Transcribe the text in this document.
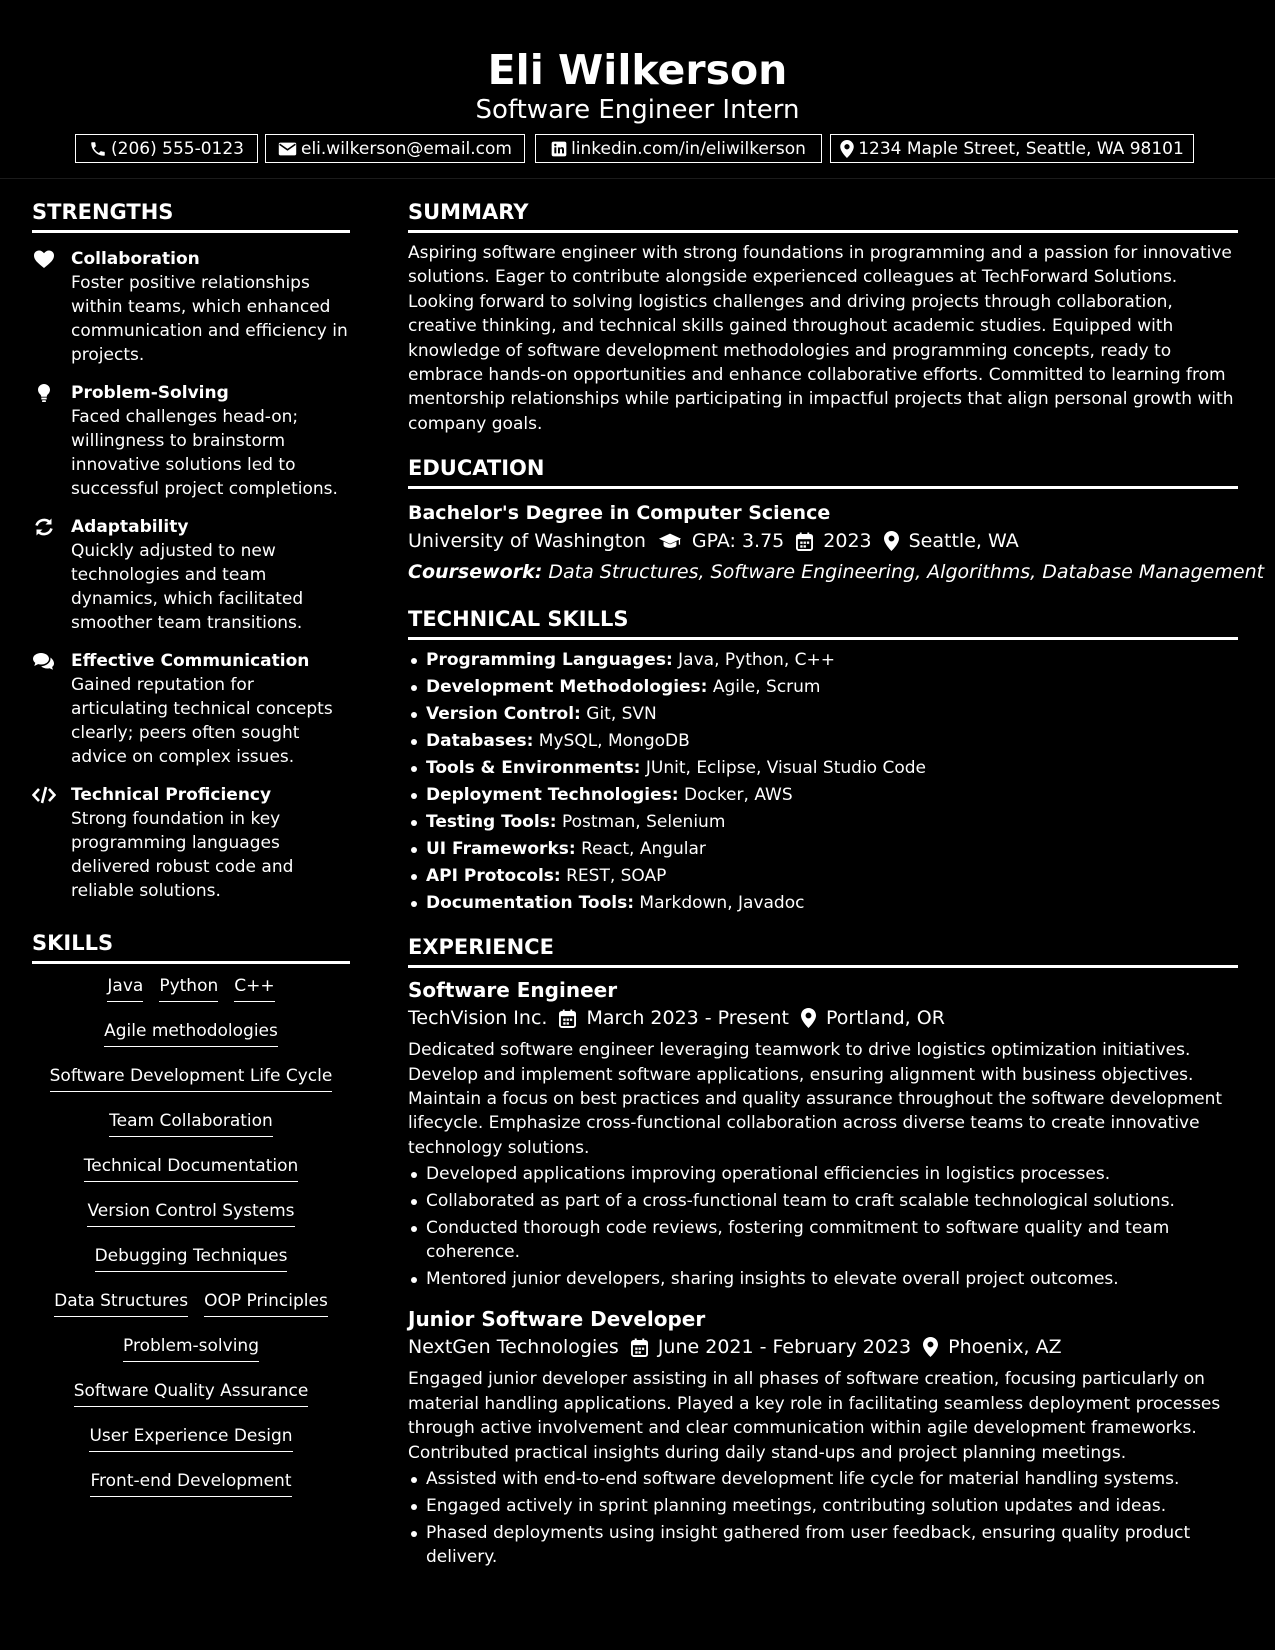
Eli Wilkerson
Software Engineer Intern
(206) 555-0123	eli.wilkerson@email.com	linkedin.com/in/eliwilkerson	1234 Maple Street, Seattle, WA 98101
STRENGTHS
Collaboration
Foster positive relationships within teams, which enhanced communication and efficiency in projects.
Problem-Solving
Faced challenges head-on; willingness to brainstorm innovative solutions led to successful project completions.
Adaptability
Quickly adjusted to new technologies and team dynamics, which facilitated smoother team transitions.
Effective Communication
Gained reputation for articulating technical concepts clearly; peers often sought advice on complex issues.
Technical Proficiency
Strong foundation in key programming languages delivered robust code and reliable solutions.
SKILLS
Java Python C++
Agile methodologies
Software Development Life Cycle
Team Collaboration
Technical Documentation
Version Control Systems
Debugging Techniques
Data Structures OOP Principles
Problem-solving
Software Quality Assurance
User Experience Design
Front-end Development
SUMMARY
Aspiring software engineer with strong foundations in programming and a passion for innovative solutions. Eager to contribute alongside experienced colleagues at TechForward Solutions. Looking forward to solving logistics challenges and driving projects through collaboration, creative thinking, and technical skills gained throughout academic studies. Equipped with knowledge of software development methodologies and programming concepts, ready to embrace hands-on opportunities and enhance collaborative efforts. Committed to learning from mentorship relationships while participating in impactful projects that align personal growth with company goals.
EDUCATION
Bachelor's Degree in Computer Science
University of Washington GPA: 3.75 2023 Seattle, WA
Coursework: Data Structures, Software Engineering, Algorithms, Database Management
TECHNICAL SKILLS
Programming Languages: Java, Python, C++
Development Methodologies: Agile, Scrum
Version Control: Git, SVN
Databases: MySQL, MongoDB
Tools & Environments: JUnit, Eclipse, Visual Studio Code
Deployment Technologies: Docker, AWS
Testing Tools: Postman, Selenium
UI Frameworks: React, Angular
API Protocols: REST, SOAP
Documentation Tools: Markdown, Javadoc
EXPERIENCE
Software Engineer
TechVision Inc. March 2023 - Present Portland, OR
Dedicated software engineer leveraging teamwork to drive logistics optimization initiatives. Develop and implement software applications, ensuring alignment with business objectives. Maintain a focus on best practices and quality assurance throughout the software development lifecycle. Emphasize cross-functional collaboration across diverse teams to create innovative technology solutions.
Developed applications improving operational efficiencies in logistics processes.
Collaborated as part of a cross-functional team to craft scalable technological solutions.
Conducted thorough code reviews, fostering commitment to software quality and team coherence.
Mentored junior developers, sharing insights to elevate overall project outcomes.
Junior Software Developer
NextGen Technologies June 2021 - February 2023 Phoenix, AZ
Engaged junior developer assisting in all phases of software creation, focusing particularly on material handling applications. Played a key role in facilitating seamless deployment processes through active involvement and clear communication within agile development frameworks. Contributed practical insights during daily stand-ups and project planning meetings.
Assisted with end-to-end software development life cycle for material handling systems.
Engaged actively in sprint planning meetings, contributing solution updates and ideas.
Phased deployments using insight gathered from user feedback, ensuring quality product delivery.
